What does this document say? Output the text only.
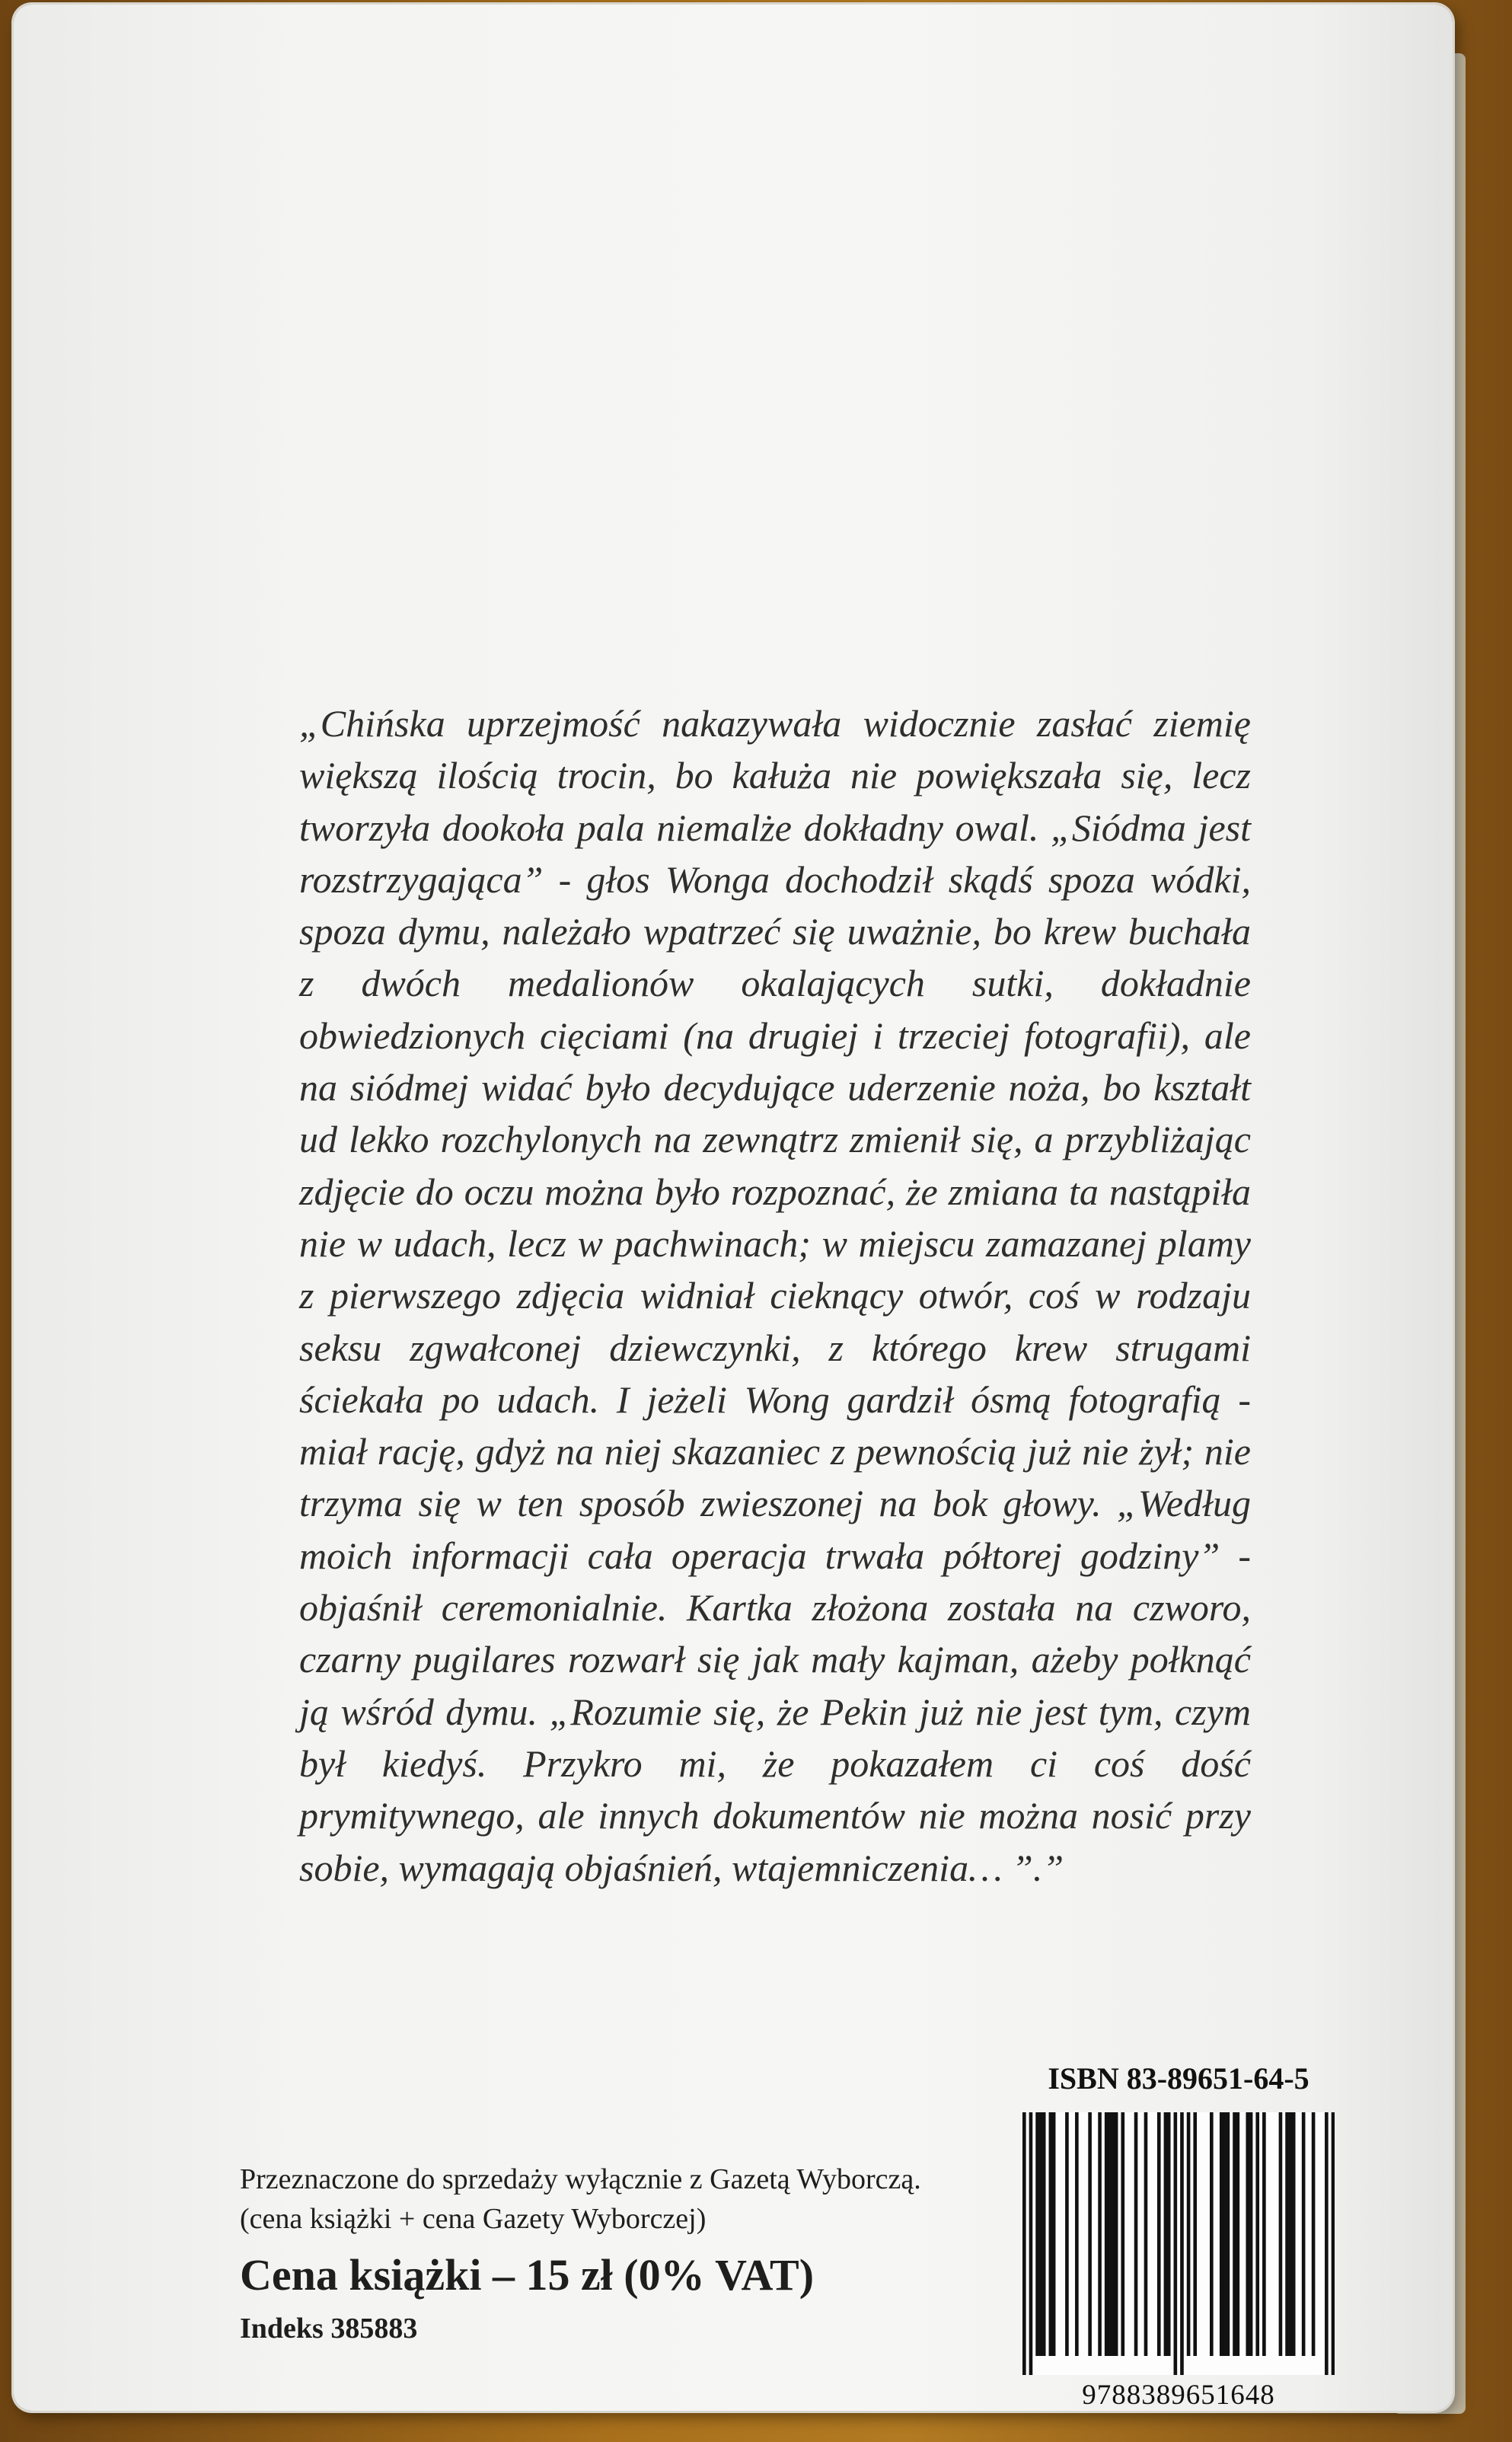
„Chińska uprzejmość nakazywała widocznie zasłać ziemię większą ilością trocin, bo kałuża nie powiększała się, lecz tworzyła dookoła pala niemalże dokładny owal. „Siódma jest rozstrzygająca” - głos Wonga dochodził skądś spoza wódki, spoza dymu, należało wpatrzeć się uważnie, bo krew buchała z dwóch medalionów okalających sutki, dokładnie obwiedzionych cięciami (na drugiej i trzeciej fotografii), ale na siódmej widać było decydujące uderzenie noża, bo kształt ud lekko rozchylonych na zewnątrz zmienił się, a przybliżając zdjęcie do oczu można było rozpoznać, że zmiana ta nastąpiła nie w udach, lecz w pachwinach; w miejscu zamazanej plamy z pierwszego zdjęcia widniał cieknący otwór, coś w rodzaju seksu zgwałconej dziewczynki, z którego krew strugami ściekała po udach. I jeżeli Wong gardził ósmą fotografią - miał rację, gdyż na niej skazaniec z pewnością już nie żył; nie trzyma się w ten sposób zwieszonej na bok głowy. „Według moich informacji cała operacja trwała półtorej godziny” - objaśnił ceremonialnie. Kartka złożona została na czworo, czarny pugilares rozwarł się jak mały kajman, ażeby połknąć ją wśród dymu. „Rozumie się, że Pekin już nie jest tym, czym był kiedyś. Przykro mi, że pokazałem ci coś dość prymitywnego, ale innych dokumentów nie można nosić przy sobie, wymagają objaśnień, wtajemniczenia… ”.”

Przeznaczone do sprzedaży wyłącznie z Gazetą Wyborczą.
(cena książki + cena Gazety Wyborczej)
Cena książki – 15 zł (0% VAT)
Indeks 385883
ISBN 83-89651-64-5
9788389651648
